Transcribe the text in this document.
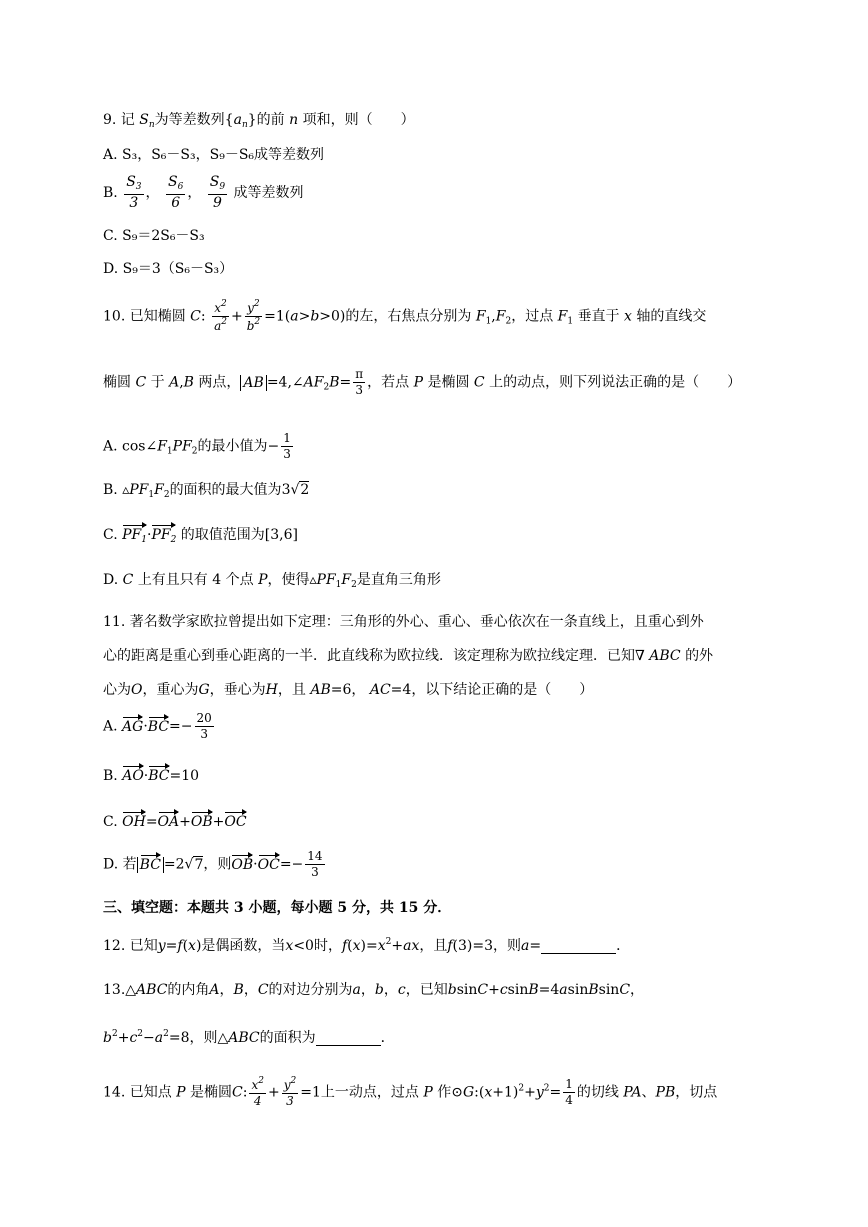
9. 记 $S_n$为等差数列$\{a_n\}$的前 n 项和，则（　　）
A. S₃，S₆－S₃，S₉－S₆成等差数列
B. $\frac{S_3}{3}$ ， $\frac{S_6}{6}$ ， $\frac{S_9}{9}$ 成等差数列
C. S₉＝2S₆－S₃
D. S₉＝3（S₆－S₃）
10. 已知椭圆 C: $\frac{x^2}{a^2} + \frac{y^2}{b^2} =1(a>b>0)$的左，右焦点分别为 $F_1,F_2$，过点 $F_1$ 垂直于 x 轴的直线交
椭圆 C 于 A,B 两点， AB $=4,\angle AF_2B= \frac{\pi}{3}$ ，若点 P 是椭圆 C 上的动点，则下列说法正确的是（　　）
A. $\cos\angle F_1PF_2$的最小值为− $\frac{1}{3}$
B. $▵PF_1F_2$的面积的最大值为3√2
C. $PF_1\cdot PF_2$ 的取值范围为[3,6]
D. C 上有且只有 4 个点 P，使得$▵PF_1F_2$是直角三角形
11. 著名数学家欧拉曾提出如下定理：三角形的外心、重心、垂心依次在一条直线上，且重心到外
心的距离是重心到垂心距离的一半．此直线称为欧拉线．该定理称为欧拉线定理．已知∇ ABC 的外
心为O，重心为G，垂心为H，且 AB=6， AC=4，以下结论正确的是（　　）
A. $AG\cdot BC=- \frac{20}{3}$
B. AO·BC=10
C. OH=OA+OB+OC
D. 若 BC =2√7，则$OB\cdot OC=- \frac{14}{3}$
三、填空题：本题共 3 小题，每小题 5 分，共 15 分．
12. 已知y=f(x)是偶函数，当x<0时，$f(x)=x^2+ax$，且f(3)=3，则a=	．
13.△ABC的内角A，B，C的对边分别为a，b，c，已知bsinC+csinB=4asinBsinC，
$b^2+c^2-a^2=8$，则△ABC的面积为	．
14. 已知点 P 是椭圆C: $\frac{x^2}{4} + \frac{y^2}{3} =1$上一动点，过点 P 作$⊙G:(x+1)^2+y^2= \frac{1}{4}$ 的切线 PA、PB，切点
